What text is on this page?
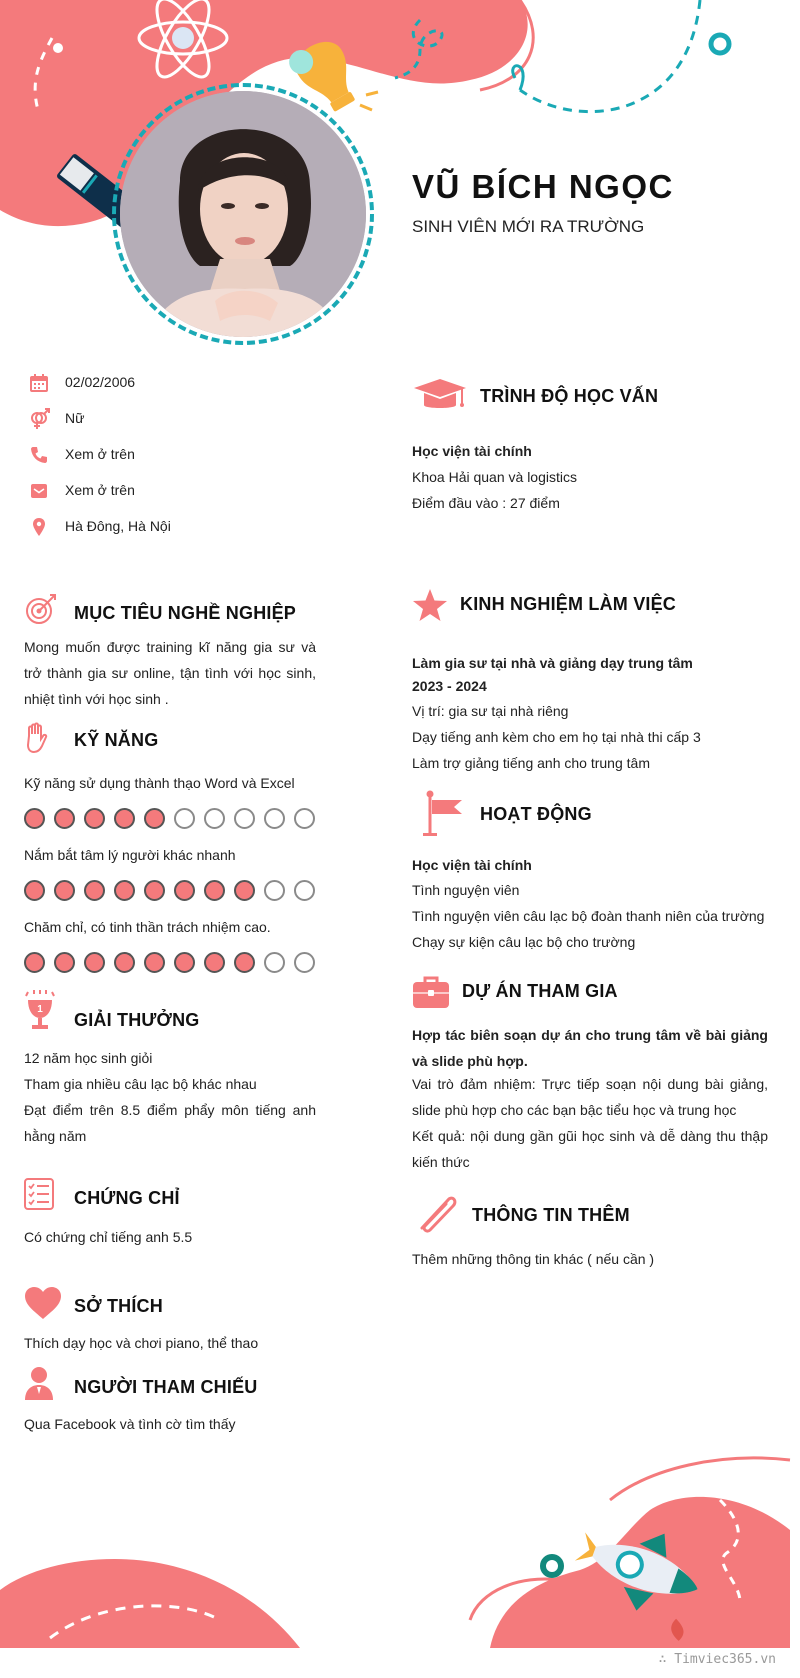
VŨ BÍCH NGỌC
SINH VIÊN MỚI RA TRƯỜNG
02/02/2006
Nữ
Xem ở trên
Xem ở trên
Hà Đông, Hà Nội
MỤC TIÊU NGHỀ NGHIỆP
Mong muốn được training kĩ năng gia sư và trở thành gia sư online, tận tình với học sinh, nhiệt tình với học sinh .
KỸ NĂNG
Kỹ năng sử dụng thành thạo Word và Excel
Nắm bắt tâm lý người khác nhanh
Chăm chỉ, có tinh thần trách nhiệm cao.
1
GIẢI THƯỞNG
12 năm học sinh giỏi
Tham gia nhiều câu lạc bộ khác nhau
Đạt điểm trên 8.5 điểm phẩy môn tiếng anh hằng năm
CHỨNG CHỈ
Có chứng chỉ tiếng anh 5.5
SỞ THÍCH
Thích dạy học và chơi piano, thể thao
NGƯỜI THAM CHIẾU
Qua Facebook và tình cờ tìm thấy
TRÌNH ĐỘ HỌC VẤN
Học viện tài chính
Khoa Hải quan và logistics
Điểm đầu vào : 27 điểm
KINH NGHIỆM LÀM VIỆC
Làm gia sư tại nhà và giảng dạy trung tâm
2023 - 2024
Vị trí: gia sư tại nhà riêng
Dạy tiếng anh kèm cho em họ tại nhà thi cấp 3
Làm trợ giảng tiếng anh cho trung tâm
HOẠT ĐỘNG
Học viện tài chính
Tình nguyện viên
Tình nguyện viên câu lạc bộ đoàn thanh niên của trường
Chạy sự kiện câu lạc bộ cho trường
DỰ ÁN THAM GIA
Hợp tác biên soạn dự án cho trung tâm về bài giảng và slide phù hợp.
Vai trò đảm nhiệm: Trực tiếp soạn nội dung bài giảng, slide phù hợp cho các bạn bậc tiểu học và trung học
Kết quả: nội dung gần gũi học sinh và dễ dàng thu thập kiến thức
THÔNG TIN THÊM
Thêm những thông tin khác ( nếu cần )
∴ Timviec365.vn
